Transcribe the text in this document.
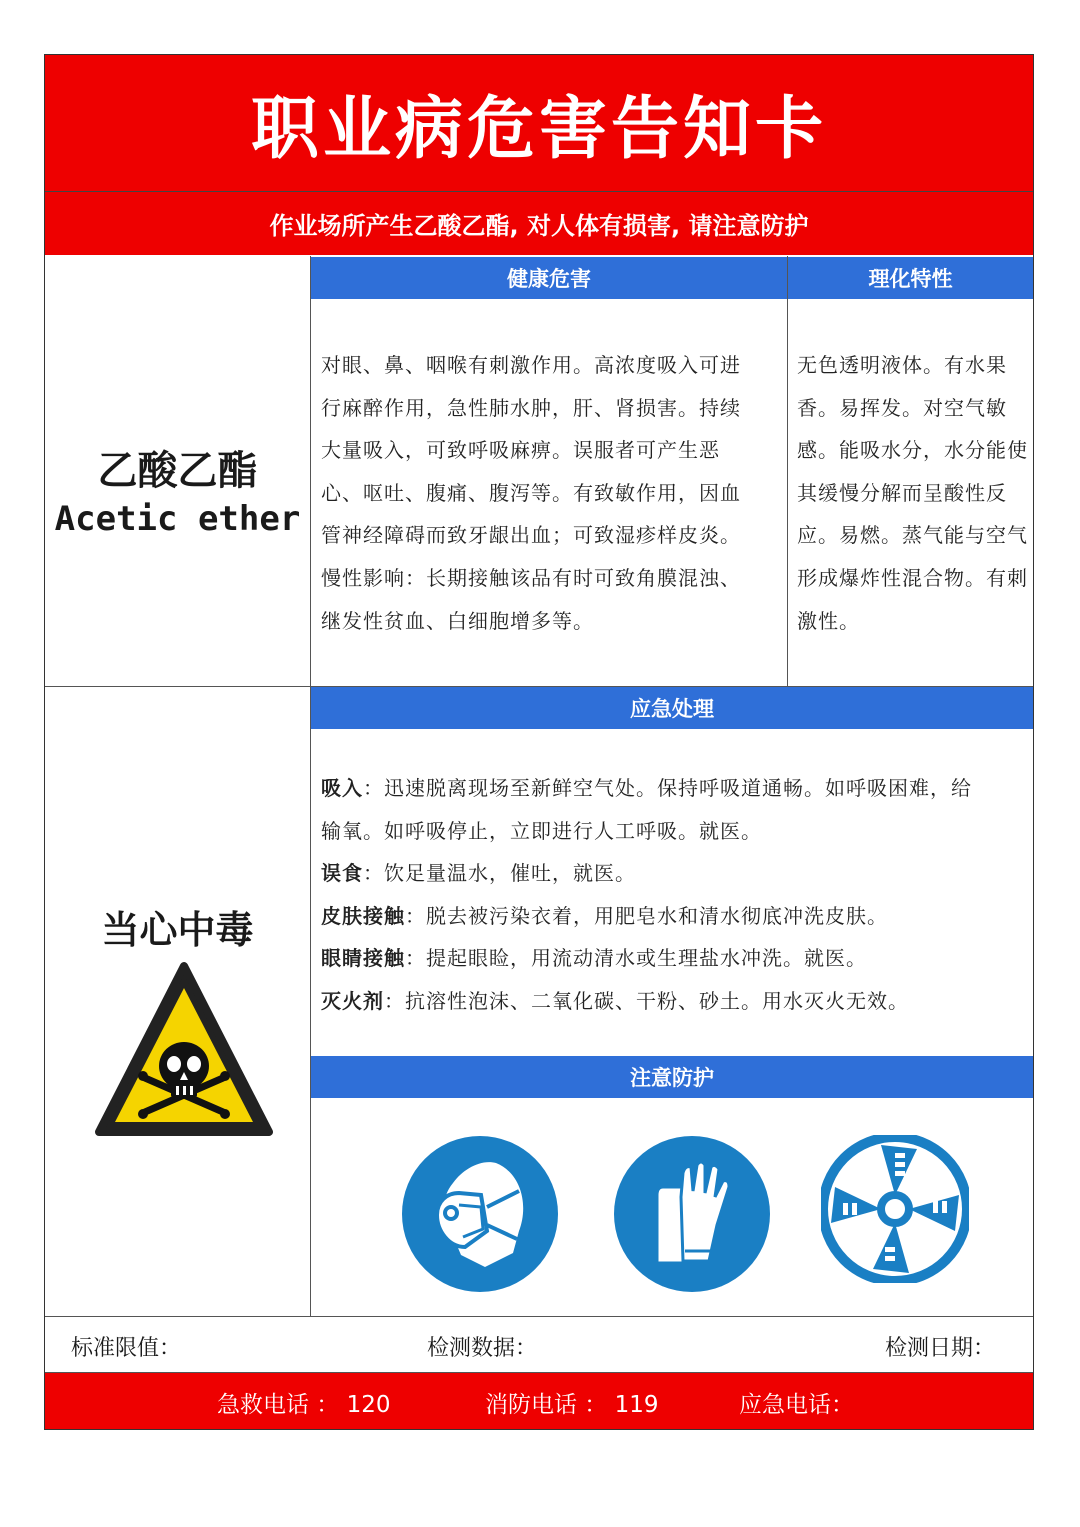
职业病危害告知卡
作业场所产生乙酸乙酯, 对人体有损害, 请注意防护
乙酸乙酯
Acetic ether
健康危害
对眼、鼻、咽喉有刺激作用。高浓度吸入可进
行麻醉作用，急性肺水肿，肝、肾损害。持续
大量吸入，可致呼吸麻痹。误服者可产生恶
心、呕吐、腹痛、腹泻等。有致敏作用，因血
管神经障碍而致牙龈出血；可致湿疹样皮炎。
慢性影响：长期接触该品有时可致角膜混浊、
继发性贫血、白细胞增多等。
理化特性
无色透明液体。有水果
香。易挥发。对空气敏
感。能吸水分，水分能使
其缓慢分解而呈酸性反
应。易燃。蒸气能与空气
形成爆炸性混合物。有刺
激性。
当心中毒
应急处理
吸入：迅速脱离现场至新鲜空气处。保持呼吸道通畅。如呼吸困难，给
输氧。如呼吸停止，立即进行人工呼吸。就医。
误食：饮足量温水，催吐，就医。
皮肤接触：脱去被污染衣着，用肥皂水和清水彻底冲洗皮肤。
眼睛接触：提起眼睑，用流动清水或生理盐水冲洗。就医。
灭火剂：抗溶性泡沫、二氧化碳、干粉、砂土。用水灭火无效。
注意防护
标准限值：	检测数据：	检测日期：
急救电话 ： 120	消防电话 ： 119	应急电话：
